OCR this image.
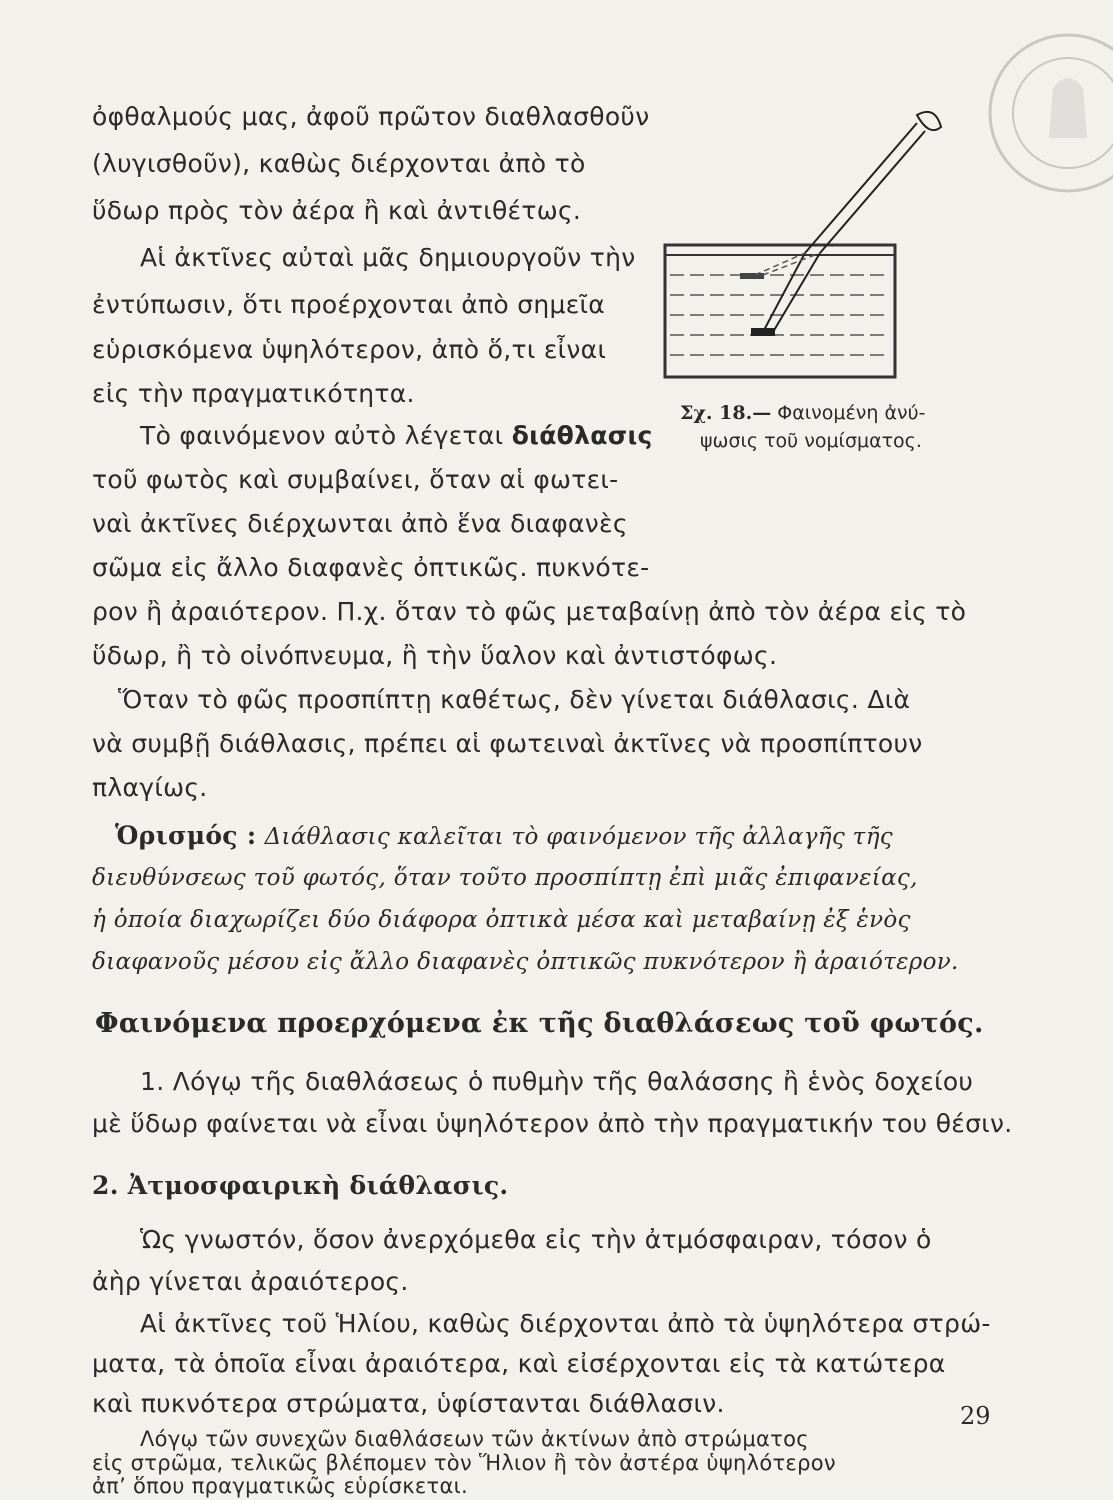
ὀφθαλμούς μας, ἀφοῦ πρῶτον διαθλασθοῦν

(λυγισθοῦν), καθὼς διέρχονται ἀπὸ τὸ

ὕδωρ πρὸς τὸν ἀέρα ἢ καὶ ἀντιθέτως.

Αἱ ἀκτῖνες αὐταὶ μᾶς δημιουργοῦν τὴν

ἐντύπωσιν, ὅτι προέρχονται ἀπὸ σημεῖα

εὑρισκόμενα ὑψηλότερον, ἀπὸ ὅ,τι εἶναι

εἰς τὴν πραγματικότητα.

Τὸ φαινόμενον αὐτὸ λέγεται διάθλασις

τοῦ φωτὸς καὶ συμβαίνει, ὅταν αἱ φωτει-

ναὶ ἀκτῖνες διέρχωνται ἀπὸ ἕνα διαφανὲς

σῶμα εἰς ἄλλο διαφανὲς ὀπτικῶς. πυκνότε-

ρον ἢ ἀραιότερον. Π.χ. ὅταν τὸ φῶς μεταβαίνῃ ἀπὸ τὸν ἀέρα εἰς τὸ

ὕδωρ, ἢ τὸ οἰνόπνευμα, ἢ τὴν ὕαλον καὶ ἀντιστόφως.

Ὅταν τὸ φῶς προσπίπτῃ καθέτως, δὲν γίνεται διάθλασις. Διὰ

νὰ συμβῇ διάθλασις, πρέπει αἱ φωτειναὶ ἀκτῖνες νὰ προσπίπτουν

πλαγίως.

Ὁρισμός : Διάθλασις καλεῖται τὸ φαινόμενον τῆς ἀλλαγῆς τῆς

διευθύνσεως τοῦ φωτός, ὅταν τοῦτο προσπίπτῃ ἐπὶ μιᾶς ἐπιφανείας,

ἡ ὁποία διαχωρίζει δύο διάφορα ὀπτικὰ μέσα καὶ μεταβαίνῃ ἐξ ἑνὸς

διαφανοῦς μέσου εἰς ἄλλο διαφανὲς ὀπτικῶς πυκνότερον ἢ ἀραιότερον.

Φαινόμενα προερχόμενα ἐκ τῆς διαθλάσεως τοῦ φωτός.

1. Λόγῳ τῆς διαθλάσεως ὁ πυθμὴν τῆς θαλάσσης ἢ ἑνὸς δοχείου

μὲ ὕδωρ φαίνεται νὰ εἶναι ὑψηλότερον ἀπὸ τὴν πραγματικήν του θέσιν.

2. Ἀτμοσφαιρικὴ διάθλασις.

Ὡς γνωστόν, ὅσον ἀνερχόμεθα εἰς τὴν ἀτμόσφαιραν, τόσον ὁ

ἀὴρ γίνεται ἀραιότερος.

Αἱ ἀκτῖνες τοῦ Ἡλίου, καθὼς διέρχονται ἀπὸ τὰ ὑψηλότερα στρώ-

ματα, τὰ ὁποῖα εἶναι ἀραιότερα, καὶ εἰσέρχονται εἰς τὰ κατώτερα

καὶ πυκνότερα στρώματα, ὑφίστανται διάθλασιν.

Λόγῳ τῶν συνεχῶν διαθλάσεων τῶν ἀκτίνων ἀπὸ στρώματος

εἰς στρῶμα, τελικῶς βλέπομεν τὸν Ἥλιον ἢ τὸν ἀστέρα ὑψηλότερον

ἀπ’ ὅπου πραγματικῶς εὑρίσκεται.

Σχ. 18.— Φαινομένη ἀνύ-

ψωσις τοῦ νομίσματος.

29
